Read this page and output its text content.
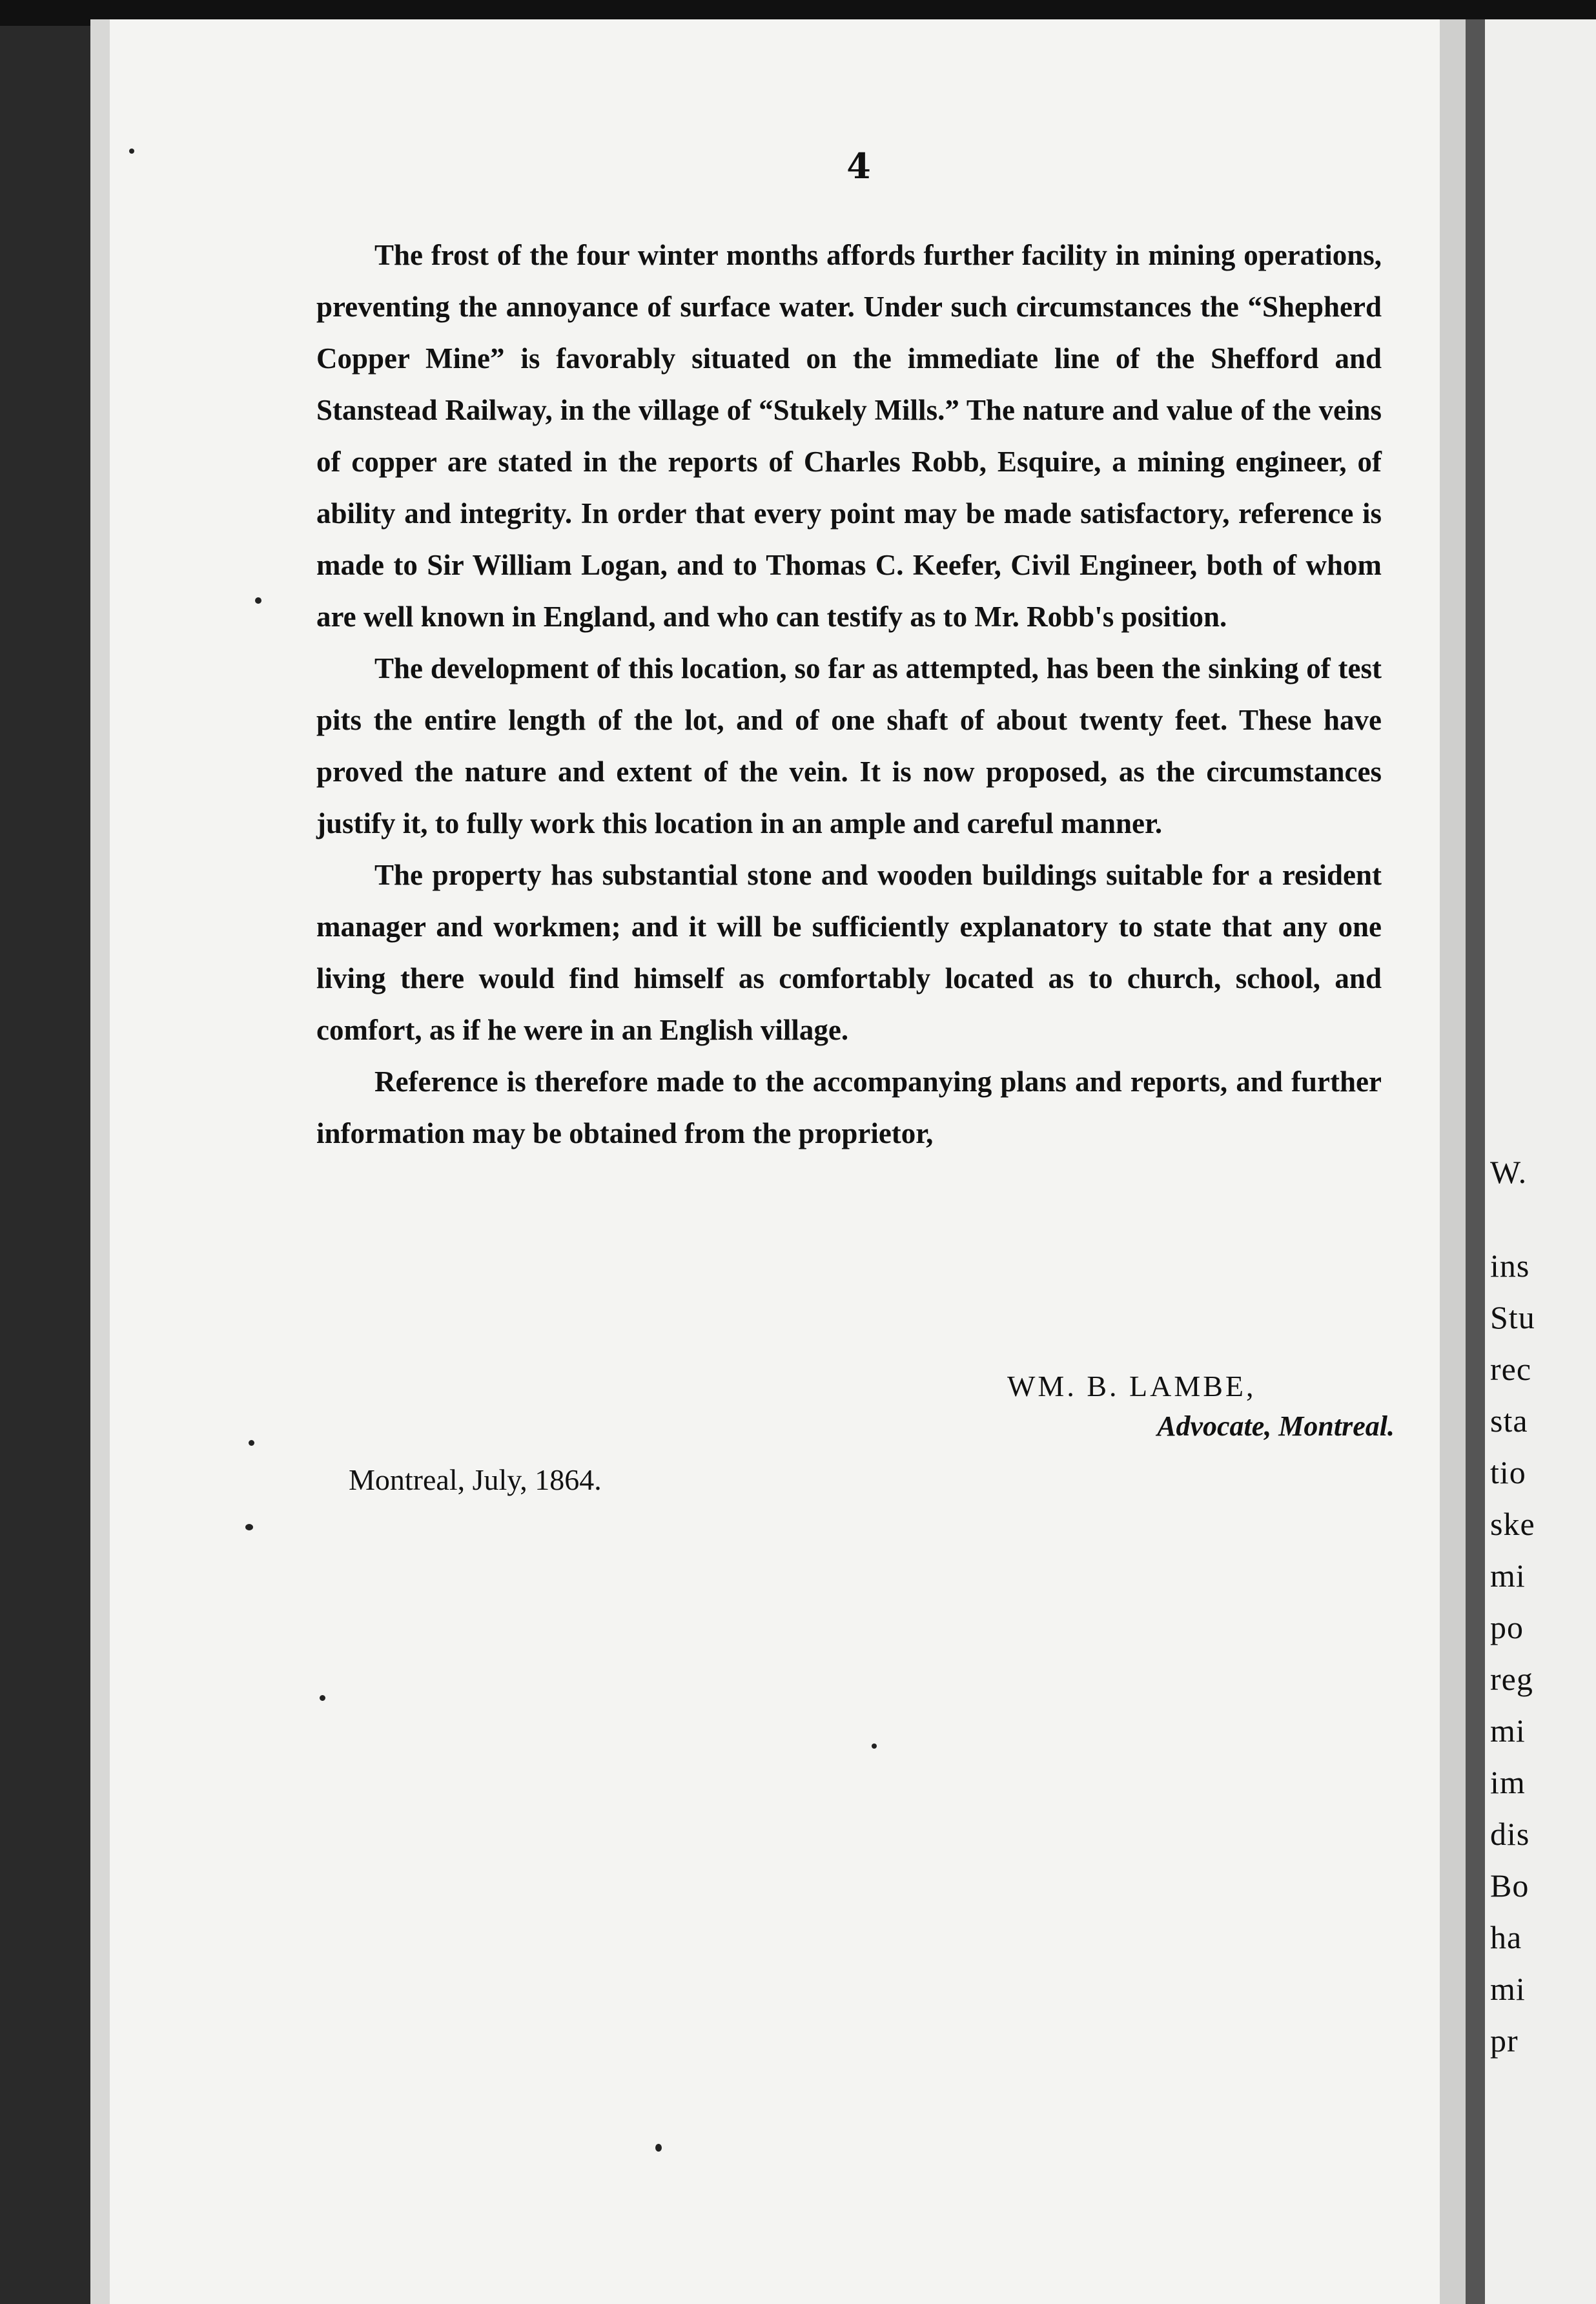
W.
ins
Stu
rec
sta
tio
ske
mi
po
reg
mi
im
dis
Bo
ha
mi
pr
4

The frost of the four winter months affords further facility in mining operations, preventing the annoyance of surface water. Under such circumstances the “Shepherd Copper Mine” is favorably situated on the immediate line of the Shefford and Stanstead Railway, in the village of “Stukely Mills.” The nature and value of the veins of copper are stated in the reports of Charles Robb, Esquire, a mining engineer, of ability and integrity. In order that every point may be made satisfactory, reference is made to Sir William Logan, and to Thomas C. Keefer, Civil Engineer, both of whom are well known in England, and who can testify as to Mr. Robb's position.

The development of this location, so far as attempted, has been the sinking of test pits the entire length of the lot, and of one shaft of about twenty feet. These have proved the nature and extent of the vein. It is now proposed, as the circumstances justify it, to fully work this location in an ample and careful manner.

The property has substantial stone and wooden buildings suitable for a resident manager and workmen; and it will be sufficiently explanatory to state that any one living there would find himself as comfortably located as to church, school, and comfort, as if he were in an English village.

Reference is therefore made to the accompanying plans and reports, and further information may be obtained from the proprietor,

WM. B. LAMBE,
Advocate, Montreal.
Montreal, July, 1864.
